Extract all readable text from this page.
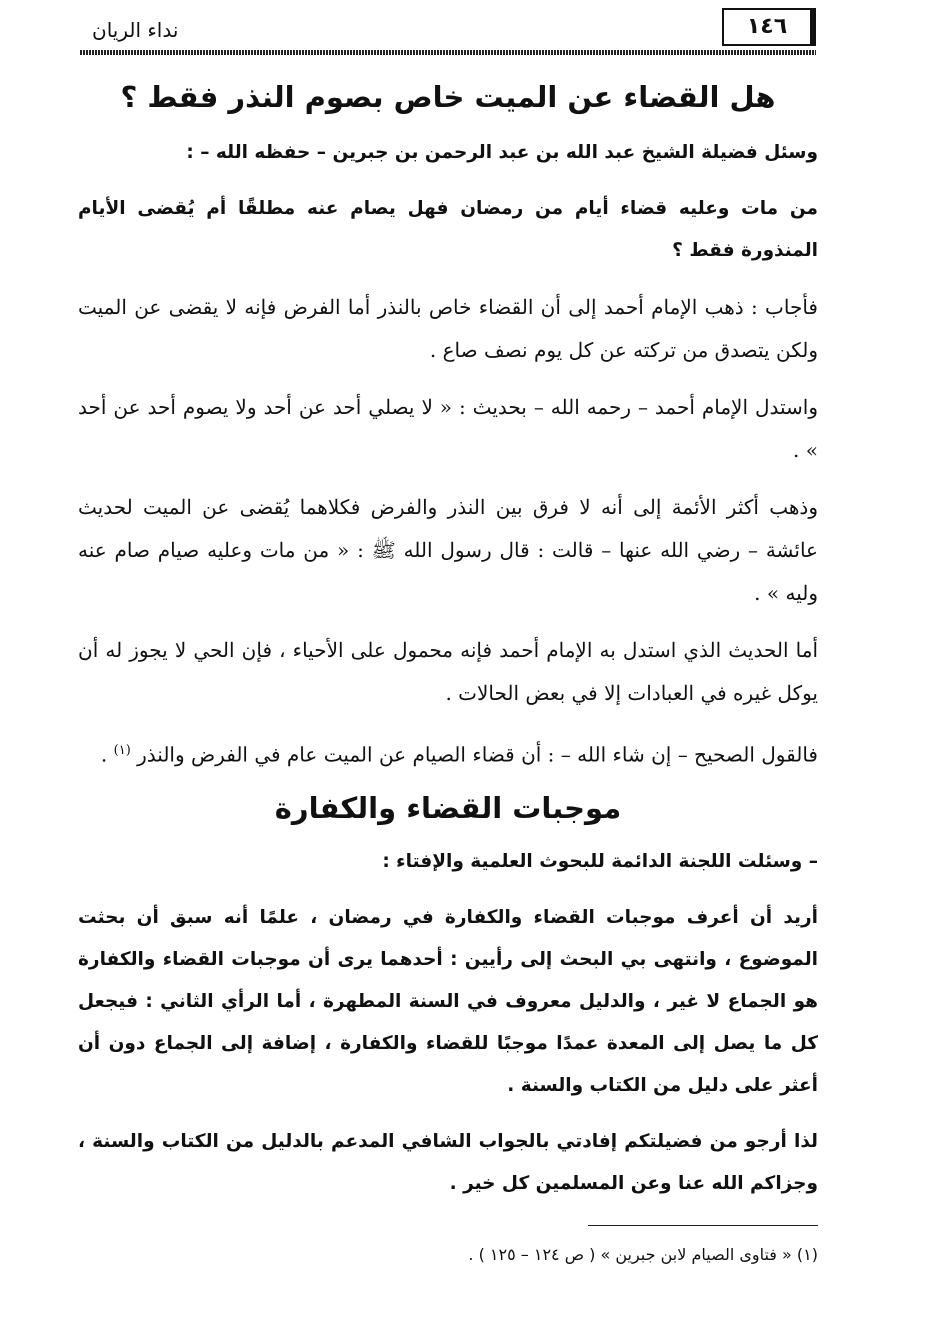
١٤٦
نداء الريان
هل القضاء عن الميت خاص بصوم النذر فقط ؟

وسئل فضيلة الشيخ عبد الله بن عبد الرحمن بن جبرين – حفظه الله – :

من مات وعليه قضاء أيام من رمضان فهل يصام عنه مطلقًا أم يُقضى الأيام المنذورة فقط ؟

فأجاب : ذهب الإمام أحمد إلى أن القضاء خاص بالنذر أما الفرض فإنه لا يقضى عن الميت ولكن يتصدق من تركته عن كل يوم نصف صاع .

واستدل الإمام أحمد – رحمه الله – بحديث : « لا يصلي أحد عن أحد ولا يصوم أحد عن أحد » .

وذهب أكثر الأئمة إلى أنه لا فرق بين النذر والفرض فكلاهما يُقضى عن الميت لحديث عائشة – رضي الله عنها – قالت : قال رسول الله ﷺ : « من مات وعليه صيام صام عنه وليه » .

أما الحديث الذي استدل به الإمام أحمد فإنه محمول على الأحياء ، فإن الحي لا يجوز له أن يوكل غيره في العبادات إلا في بعض الحالات .

فالقول الصحيح – إن شاء الله – : أن قضاء الصيام عن الميت عام في الفرض والنذر $^{(١)}$ .

موجبات القضاء والكفارة

– وسئلت اللجنة الدائمة للبحوث العلمية والإفتاء :

أريد أن أعرف موجبات القضاء والكفارة في رمضان ، علمًا أنه سبق أن بحثت الموضوع ، وانتهى بي البحث إلى رأيين : أحدهما يرى أن موجبات القضاء والكفارة هو الجماع لا غير ، والدليل معروف في السنة المطهرة ، أما الرأي الثاني : فيجعل كل ما يصل إلى المعدة عمدًا موجبًا للقضاء والكفارة ، إضافة إلى الجماع دون أن أعثر على دليل من الكتاب والسنة .

لذا أرجو من فضيلتكم إفادتي بالجواب الشافي المدعم بالدليل من الكتاب والسنة ، وجزاكم الله عنا وعن المسلمين كل خير .

(١) « فتاوى الصيام لابن جبرين » ( ص ١٢٤ – ١٢٥ ) .
